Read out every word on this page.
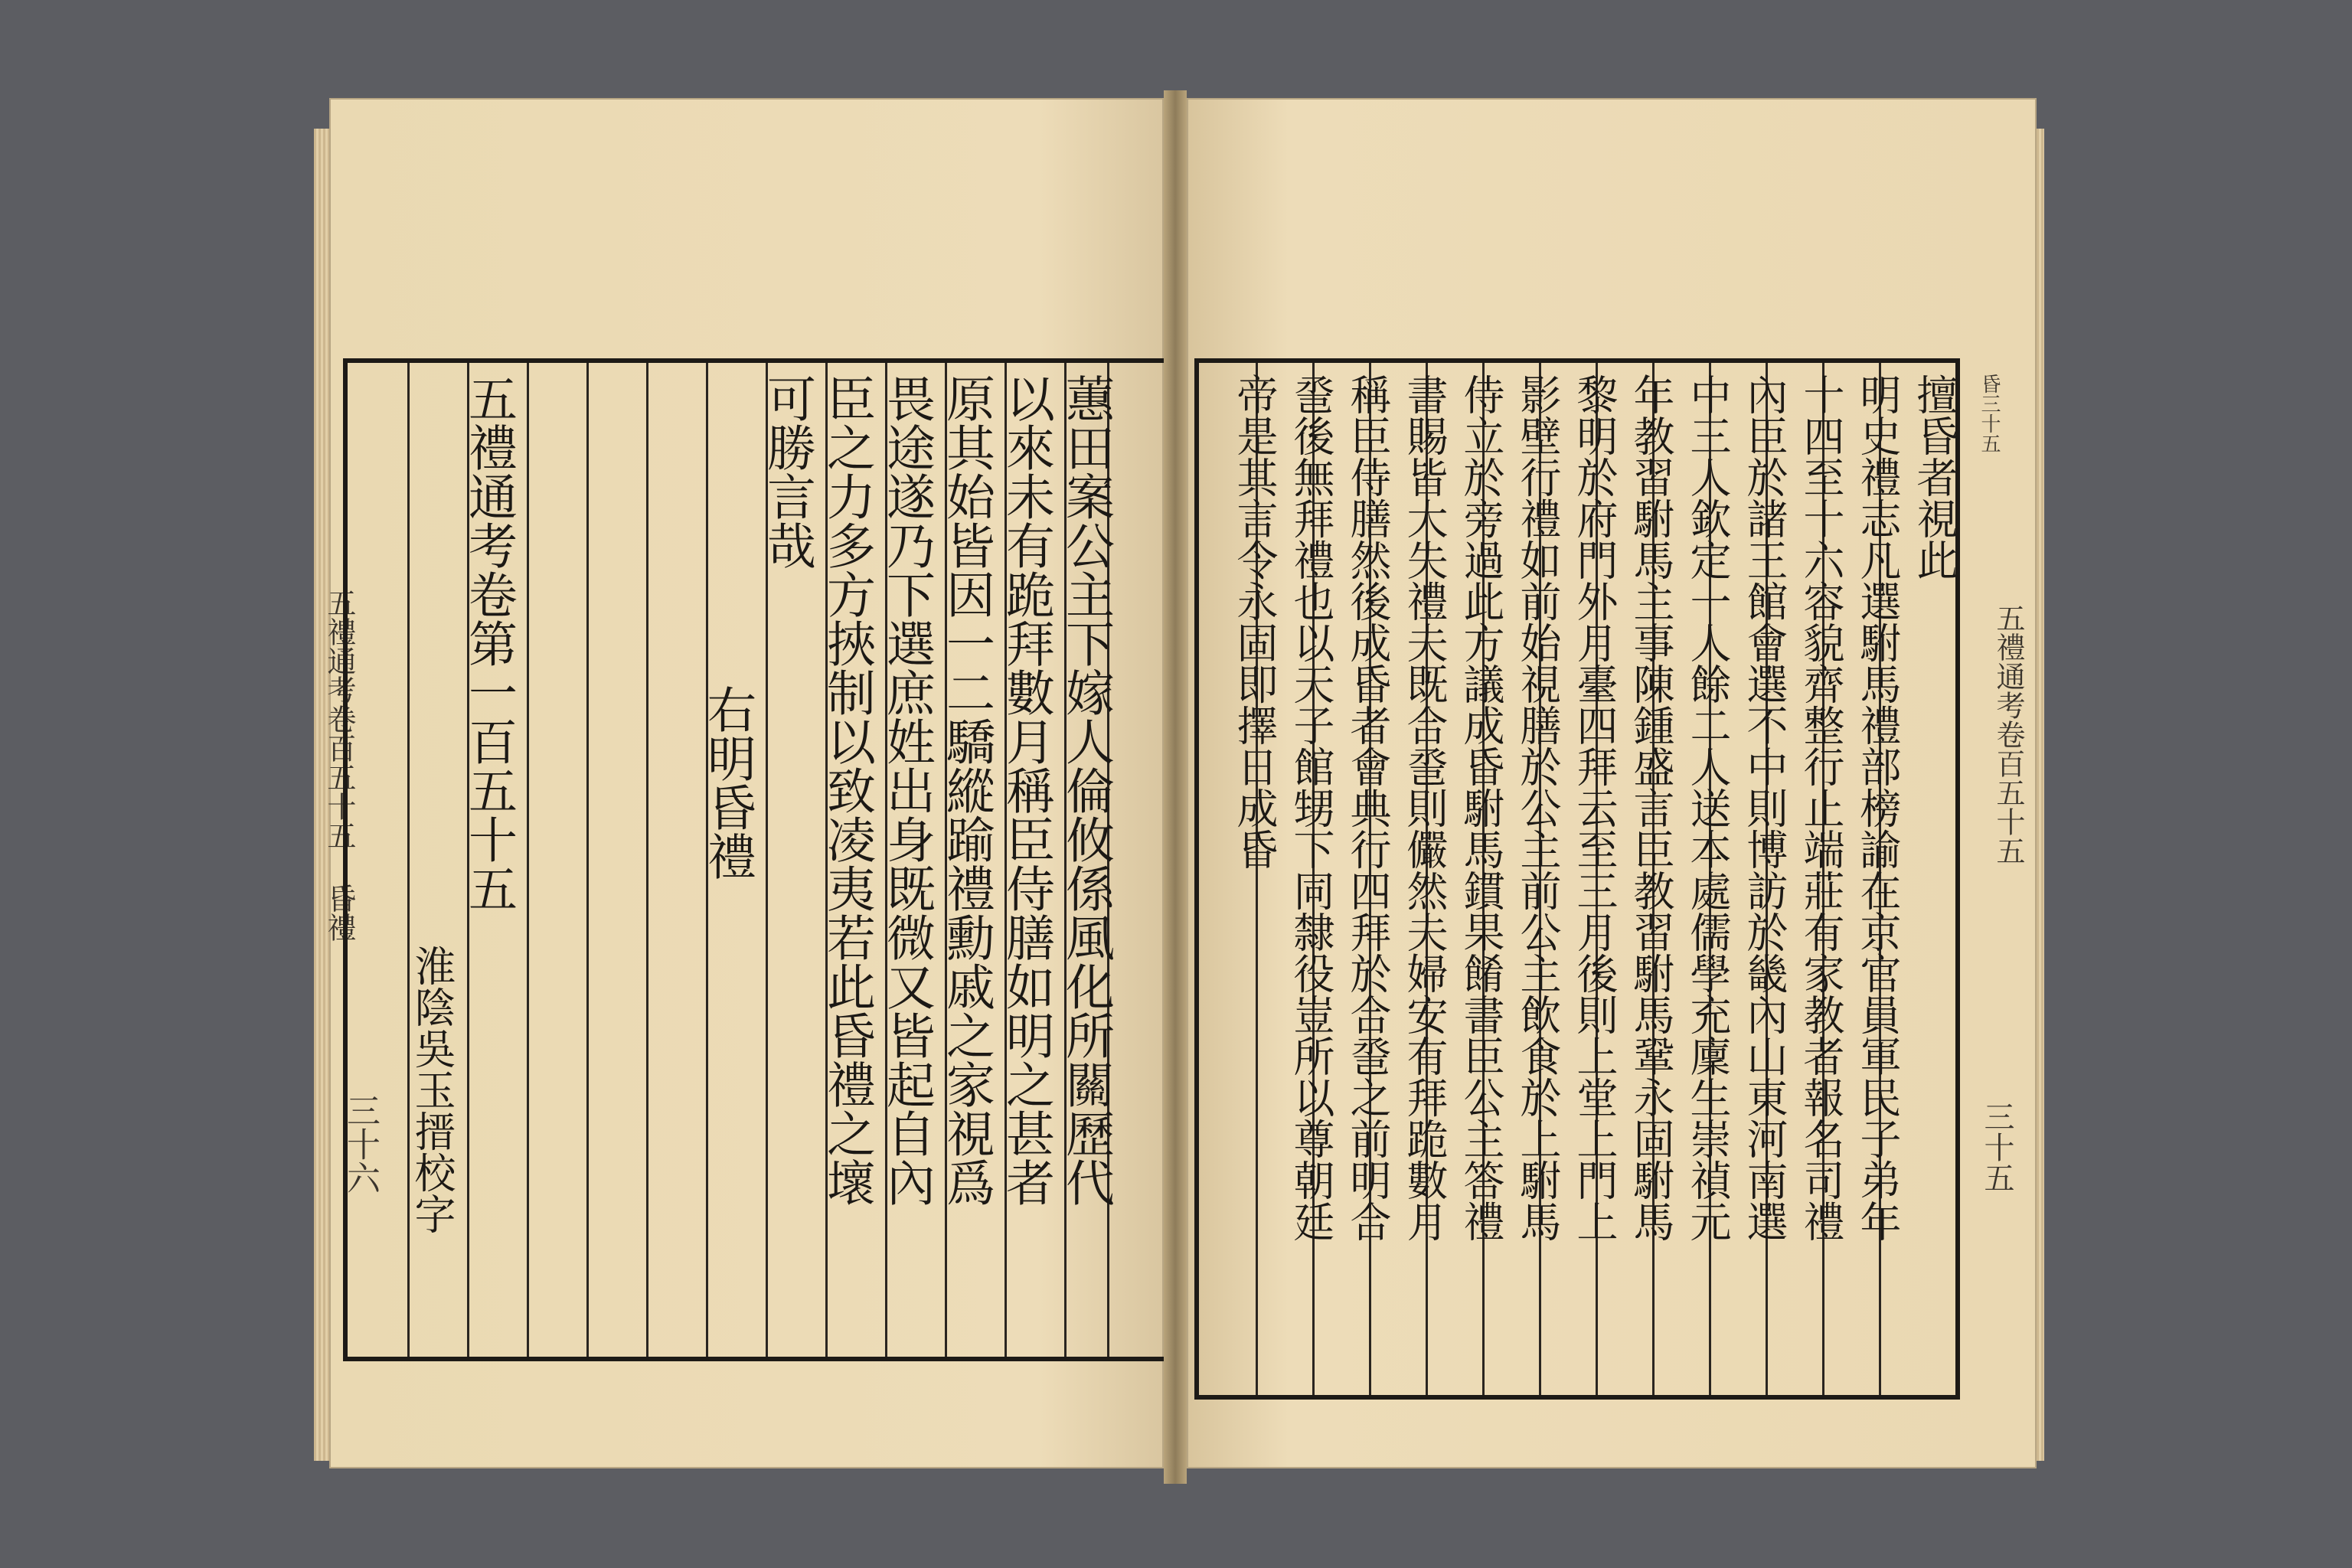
五禮通考卷百五十五 昏禮
三十六	蕙田案公主下嫁人倫攸係風化所關歷代
以來未有跪拜數月稱臣侍膳如明之甚者
原其始皆因一二驕縱踰禮勳戚之家視爲
畏途遂乃下選庶姓出身既微又皆起自內
臣之力多方挾制以致凌夷若此昏禮之壞
可勝言哉
右明昏禮
五禮通考卷第一百五十五
淮陰吳玉搢校字
昏三十五
五禮通考卷百五十五
三十五
擅昏者視此
明史禮志凡選駙馬禮部榜諭在京官員軍民子弟年
十四至十六容貌齊整行止端莊有家教者報名司禮
內臣於諸王館會選不中則博訪於畿內山東河南選
中三人欽定一人餘二人送本處儒學充廩生崇禎元
年教習駙馬主事陳鍾盛言臣教習駙馬鞏永固駙馬
黎明於府門外月臺四拜云至三月後則上堂上門上
影壁行禮如前始視膳於公主前公主飲食於上駙馬
侍立於旁過此方議成昏駙馬鏆果餚書臣公主答禮
書賜皆大失禮夫既合巹則儼然夫婦安有拜跪數月
稱臣侍膳然後成昏者會典行四拜於合巹之前明合
巹後無拜禮也以天子館甥下同隸役豈所以尊朝廷
帝是其言令永固即擇日成昏
